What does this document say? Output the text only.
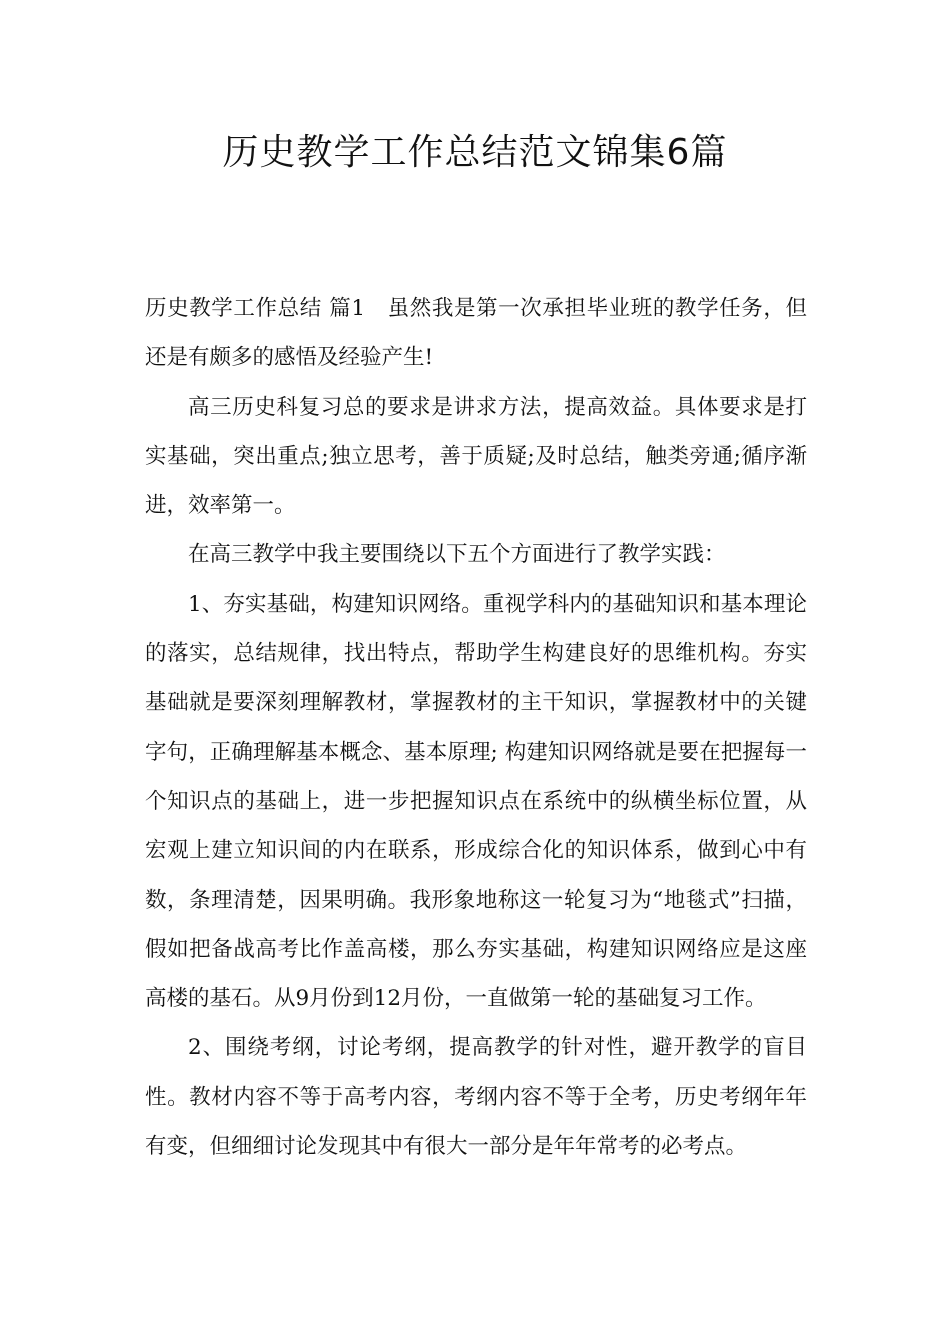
历史教学工作总结范文锦集6篇

历史教学工作总结 篇1 虽然我是第一次承担毕业班的教学任务，但还是有颇多的感悟及经验产生!

高三历史科复习总的要求是讲求方法，提高效益。具体要求是打实基础，突出重点;独立思考，善于质疑;及时总结，触类旁通;循序渐进，效率第一。

在高三教学中我主要围绕以下五个方面进行了教学实践：

1、夯实基础，构建知识网络。重视学科内的基础知识和基本理论的落实，总结规律，找出特点，帮助学生构建良好的思维机构。夯实基础就是要深刻理解教材，掌握教材的主干知识，掌握教材中的关键字句，正确理解基本概念、基本原理; 构建知识网络就是要在把握每一个知识点的基础上，进一步把握知识点在系统中的纵横坐标位置，从宏观上建立知识间的内在联系，形成综合化的知识体系，做到心中有数，条理清楚，因果明确。我形象地称这一轮复习为“地毯式”扫描，假如把备战高考比作盖高楼，那么夯实基础，构建知识网络应是这座高楼的基石。从9月份到12月份，一直做第一轮的基础复习工作。

2、围绕考纲，讨论考纲，提高教学的针对性，避开教学的盲目性。教材内容不等于高考内容，考纲内容不等于全考，历史考纲年年有变，但细细讨论发现其中有很大一部分是年年常考的必考点。
